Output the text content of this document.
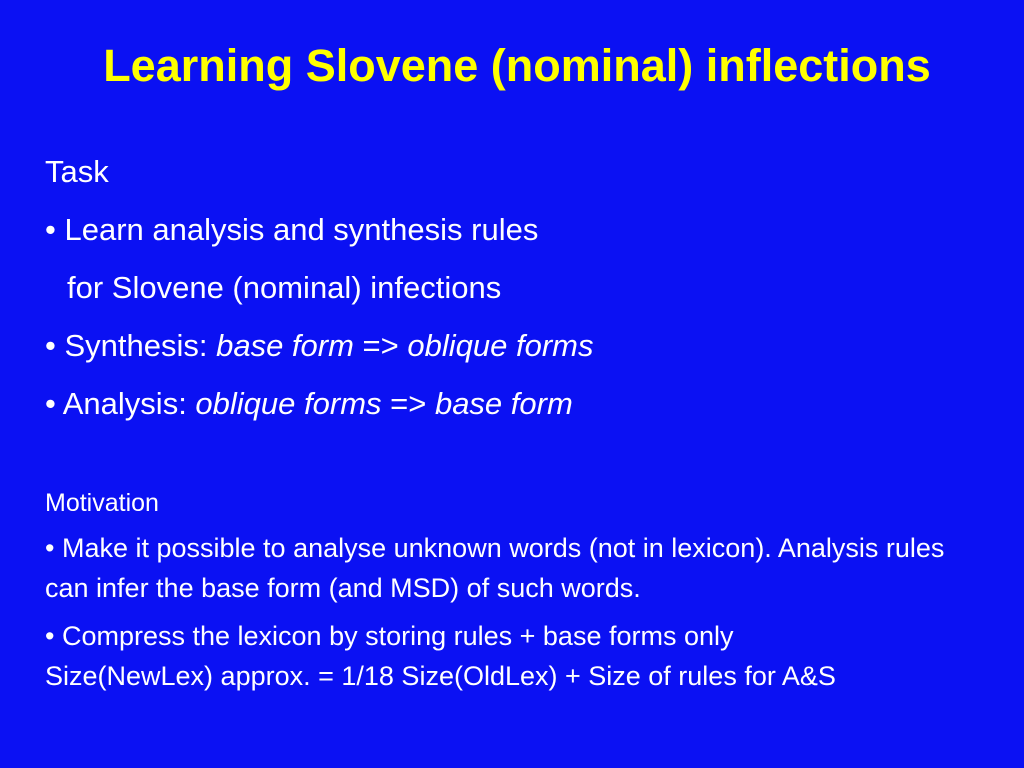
Learning Slovene (nominal) inflections
Task
• Learn analysis and synthesis rules
for Slovene (nominal) infections
• Synthesis: base form => oblique forms
• Analysis: oblique forms => base form
Motivation
• Make it possible to analyse unknown words (not in lexicon). Analysis rules can infer the base form (and MSD) of such words.
• Compress the lexicon by storing rules + base forms only
Size(NewLex) approx. = 1/18 Size(OldLex) + Size of rules for A&S
